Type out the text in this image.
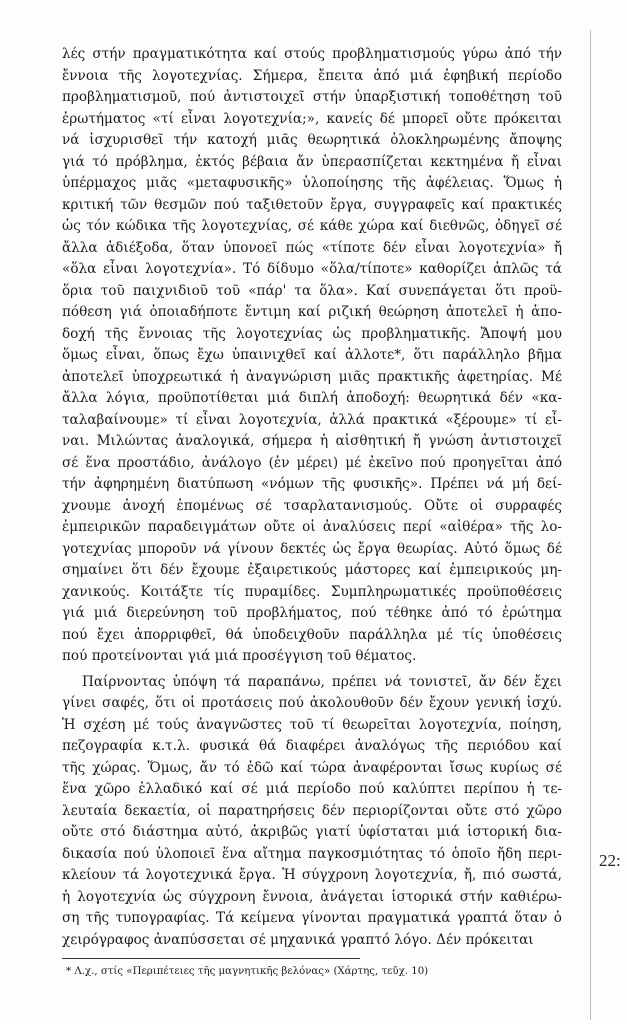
λές στήν πραγματικότητα καί στούς προβληματισμούς γύρω ἀπό τήν
ἔννοια τῆς λογοτεχνίας. Σήμερα, ἔπειτα ἀπό μιά ἐφηβική περίοδο
προβληματισμοῦ, πού ἀντιστοιχεῖ στήν ὑπαρξιστική τοποθέτηση τοῦ
ἐρωτήματος «τί εἶναι λογοτεχνία;», κανείς δέ μπορεῖ οὔτε πρόκειται
νά ἰσχυρισθεῖ τήν κατοχή μιᾶς θεωρητικά ὁλοκληρωμένης ἄποψης
γιά τό πρόβλημα, ἐκτός βέβαια ἄν ὑπερασπίζεται κεκτημένα ἤ εἶναι
ὑπέρμαχος μιᾶς «μεταφυσικῆς» ὑλοποίησης τῆς ἀφέλειας. Ὅμως ἡ
κριτική τῶν θεσμῶν πού ταξιθετοῦν ἔργα, συγγραφεῖς καί πρακτικές
ὡς τόν κώδικα τῆς λογοτεχνίας, σέ κάθε χώρα καί διεθνῶς, ὁδηγεῖ σέ
ἄλλα ἀδιέξοδα, ὅταν ὑπονοεῖ πώς «τίποτε δέν εἶναι λογοτεχνία» ἤ
«ὅλα εἶναι λογοτεχνία». Τό δίδυμο «ὅλα/τίποτε» καθορίζει ἁπλῶς τά
ὅρια τοῦ παιχνιδιοῦ τοῦ «πάρ' τα ὅλα». Καί συνεπάγεται ὅτι προϋ-
πόθεση γιά ὁποιαδήποτε ἔντιμη καί ριζική θεώρηση ἀποτελεῖ ἡ ἀπο-
δοχή τῆς ἔννοιας τῆς λογοτεχνίας ὡς προβληματικῆς. Ἄποψή μου
ὅμως εἶναι, ὅπως ἔχω ὑπαινιχθεῖ καί ἀλλοτε*, ὅτι παράλληλο βῆμα
ἀποτελεῖ ὑποχρεωτικά ἡ ἀναγνώριση μιᾶς πρακτικῆς ἀφετηρίας. Μέ
ἄλλα λόγια, προϋποτίθεται μιά διπλή ἀποδοχή: θεωρητικά δέν «κα-
ταλαβαίνουμε» τί εἶναι λογοτεχνία, ἀλλά πρακτικά «ξέρουμε» τί εἶ-
ναι. Μιλώντας ἀναλογικά, σήμερα ἡ αἰσθητική ἤ γνώση ἀντιστοιχεῖ
σέ ἕνα προστάδιο, ἀνάλογο (ἐν μέρει) μέ ἐκεῖνο πού προηγεῖται ἀπό
τήν ἀφηρημένη διατύπωση «νόμων τῆς φυσικῆς». Πρέπει νά μή δεί-
χνουμε ἀνοχή ἑπομένως σέ τσαρλατανισμούς. Οὔτε οἱ συρραφές
ἐμπειρικῶν παραδειγμάτων οὔτε οἱ ἀναλύσεις περί «αἰθέρα» τῆς λο-
γοτεχνίας μποροῦν νά γίνουν δεκτές ὡς ἔργα θεωρίας. Αὐτό ὅμως δέ
σημαίνει ὅτι δέν ἔχουμε ἐξαιρετικούς μάστορες καί ἐμπειρικούς μη-
χανικούς. Κοιτάξτε τίς πυραμίδες. Συμπληρωματικές προϋποθέσεις
γιά μιά διερεύνηση τοῦ προβλήματος, πού τέθηκε ἀπό τό ἐρώτημα
πού ἔχει ἀπορριφθεῖ, θά ὑποδειχθοῦν παράλληλα μέ τίς ὑποθέσεις
πού προτείνονται γιά μιά προσέγγιση τοῦ θέματος.
Παίρνοντας ὑπόψη τά παραπάνω, πρέπει νά τονιστεῖ, ἄν δέν ἔχει
γίνει σαφές, ὅτι οἱ προτάσεις πού ἀκολουθοῦν δέν ἔχουν γενική ἰσχύ.
Ἡ σχέση μέ τούς ἀναγνῶστες τοῦ τί θεωρεῖται λογοτεχνία, ποίηση,
πεζογραφία κ.τ.λ. φυσικά θά διαφέρει ἀναλόγως τῆς περιόδου καί
τῆς χώρας. Ὅμως, ἄν τό ἐδῶ καί τώρα ἀναφέρονται ἴσως κυρίως σέ
ἕνα χῶρο ἑλλαδικό καί σέ μιά περίοδο πού καλύπτει περίπου ἡ τε-
λευταία δεκαετία, οἱ παρατηρήσεις δέν περιορίζονται οὔτε στό χῶρο
οὔτε στό διάστημα αὐτό, ἀκριβῶς γιατί ὑφίσταται μιά ἱστορική δια-
δικασία πού ὑλοποιεῖ ἕνα αἴτημα παγκοσμιότητας τό ὁποῖο ἤδη περι-
κλείουν τά λογοτεχνικά ἔργα. Ἡ σύγχρονη λογοτεχνία, ἤ, πιό σωστά,
ἡ λογοτεχνία ὡς σύγχρονη ἔννοια, ἀνάγεται ἱστορικά στήν καθιέρω-
ση τῆς τυπογραφίας. Τά κείμενα γίνονται πραγματικά γραπτά ὅταν ὁ
χειρόγραφος ἀναπύσσεται σέ μηχανικά γραπτό λόγο. Δέν πρόκειται
22:
* Λ.χ., στίς «Περιπέτειες τῆς μαγνητικῆς βελόνας» (Χάρτης, τεῦχ. 10)
